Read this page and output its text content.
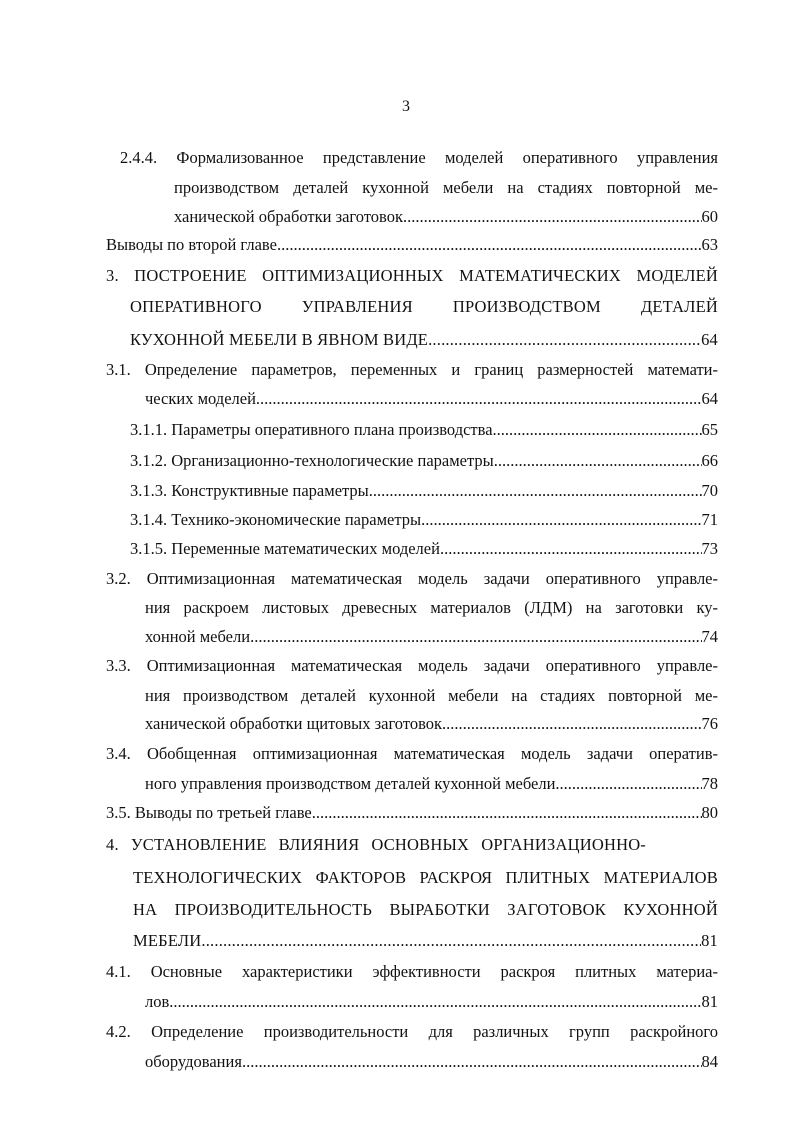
3
2.4.4. Формализованное представление моделей оперативного управления
производством деталей кухонной мебели на стадиях повторной ме-
ханической обработки заготовок .....	60
Выводы по второй главе .....	63
3. ПОСТРОЕНИЕ ОПТИМИЗАЦИОННЫХ МАТЕМАТИЧЕСКИХ МОДЕЛЕЙ
ОПЕРАТИВНОГО УПРАВЛЕНИЯ ПРОИЗВОДСТВОМ ДЕТАЛЕЙ
КУХОННОЙ МЕБЕЛИ В ЯВНОМ ВИДЕ .....	64
3.1. Определение параметров, переменных и границ размерностей математи-
ческих моделей .....	64
3.1.1. Параметры оперативного плана производства .....	65
3.1.2. Организационно-технологические параметры .....	66
3.1.3. Конструктивные параметры .....	70
3.1.4. Технико-экономические параметры .....	71
3.1.5. Переменные математических моделей .....	73
3.2. Оптимизационная математическая модель задачи оперативного управле-
ния раскроем листовых древесных материалов (ЛДМ) на заготовки ку-
хонной мебели .....	74
3.3. Оптимизационная математическая модель задачи оперативного управле-
ния производством деталей кухонной мебели на стадиях повторной ме-
ханической обработки щитовых заготовок .....	76
3.4. Обобщенная оптимизационная математическая модель задачи оператив-
ного управления производством деталей кухонной мебели .....	78
3.5. Выводы по третьей главе .....	80
4. УСТАНОВЛЕНИЕ ВЛИЯНИЯ ОСНОВНЫХ ОРГАНИЗАЦИОННО-
ТЕХНОЛОГИЧЕСКИХ ФАКТОРОВ РАСКРОЯ ПЛИТНЫХ МАТЕРИАЛОВ
НА ПРОИЗВОДИТЕЛЬНОСТЬ ВЫРАБОТКИ ЗАГОТОВОК КУХОННОЙ
МЕБЕЛИ .....	81
4.1. Основные характеристики эффективности раскроя плитных материа-
лов .....	81
4.2. Определение производительности для различных групп раскройного
оборудования .....	84
